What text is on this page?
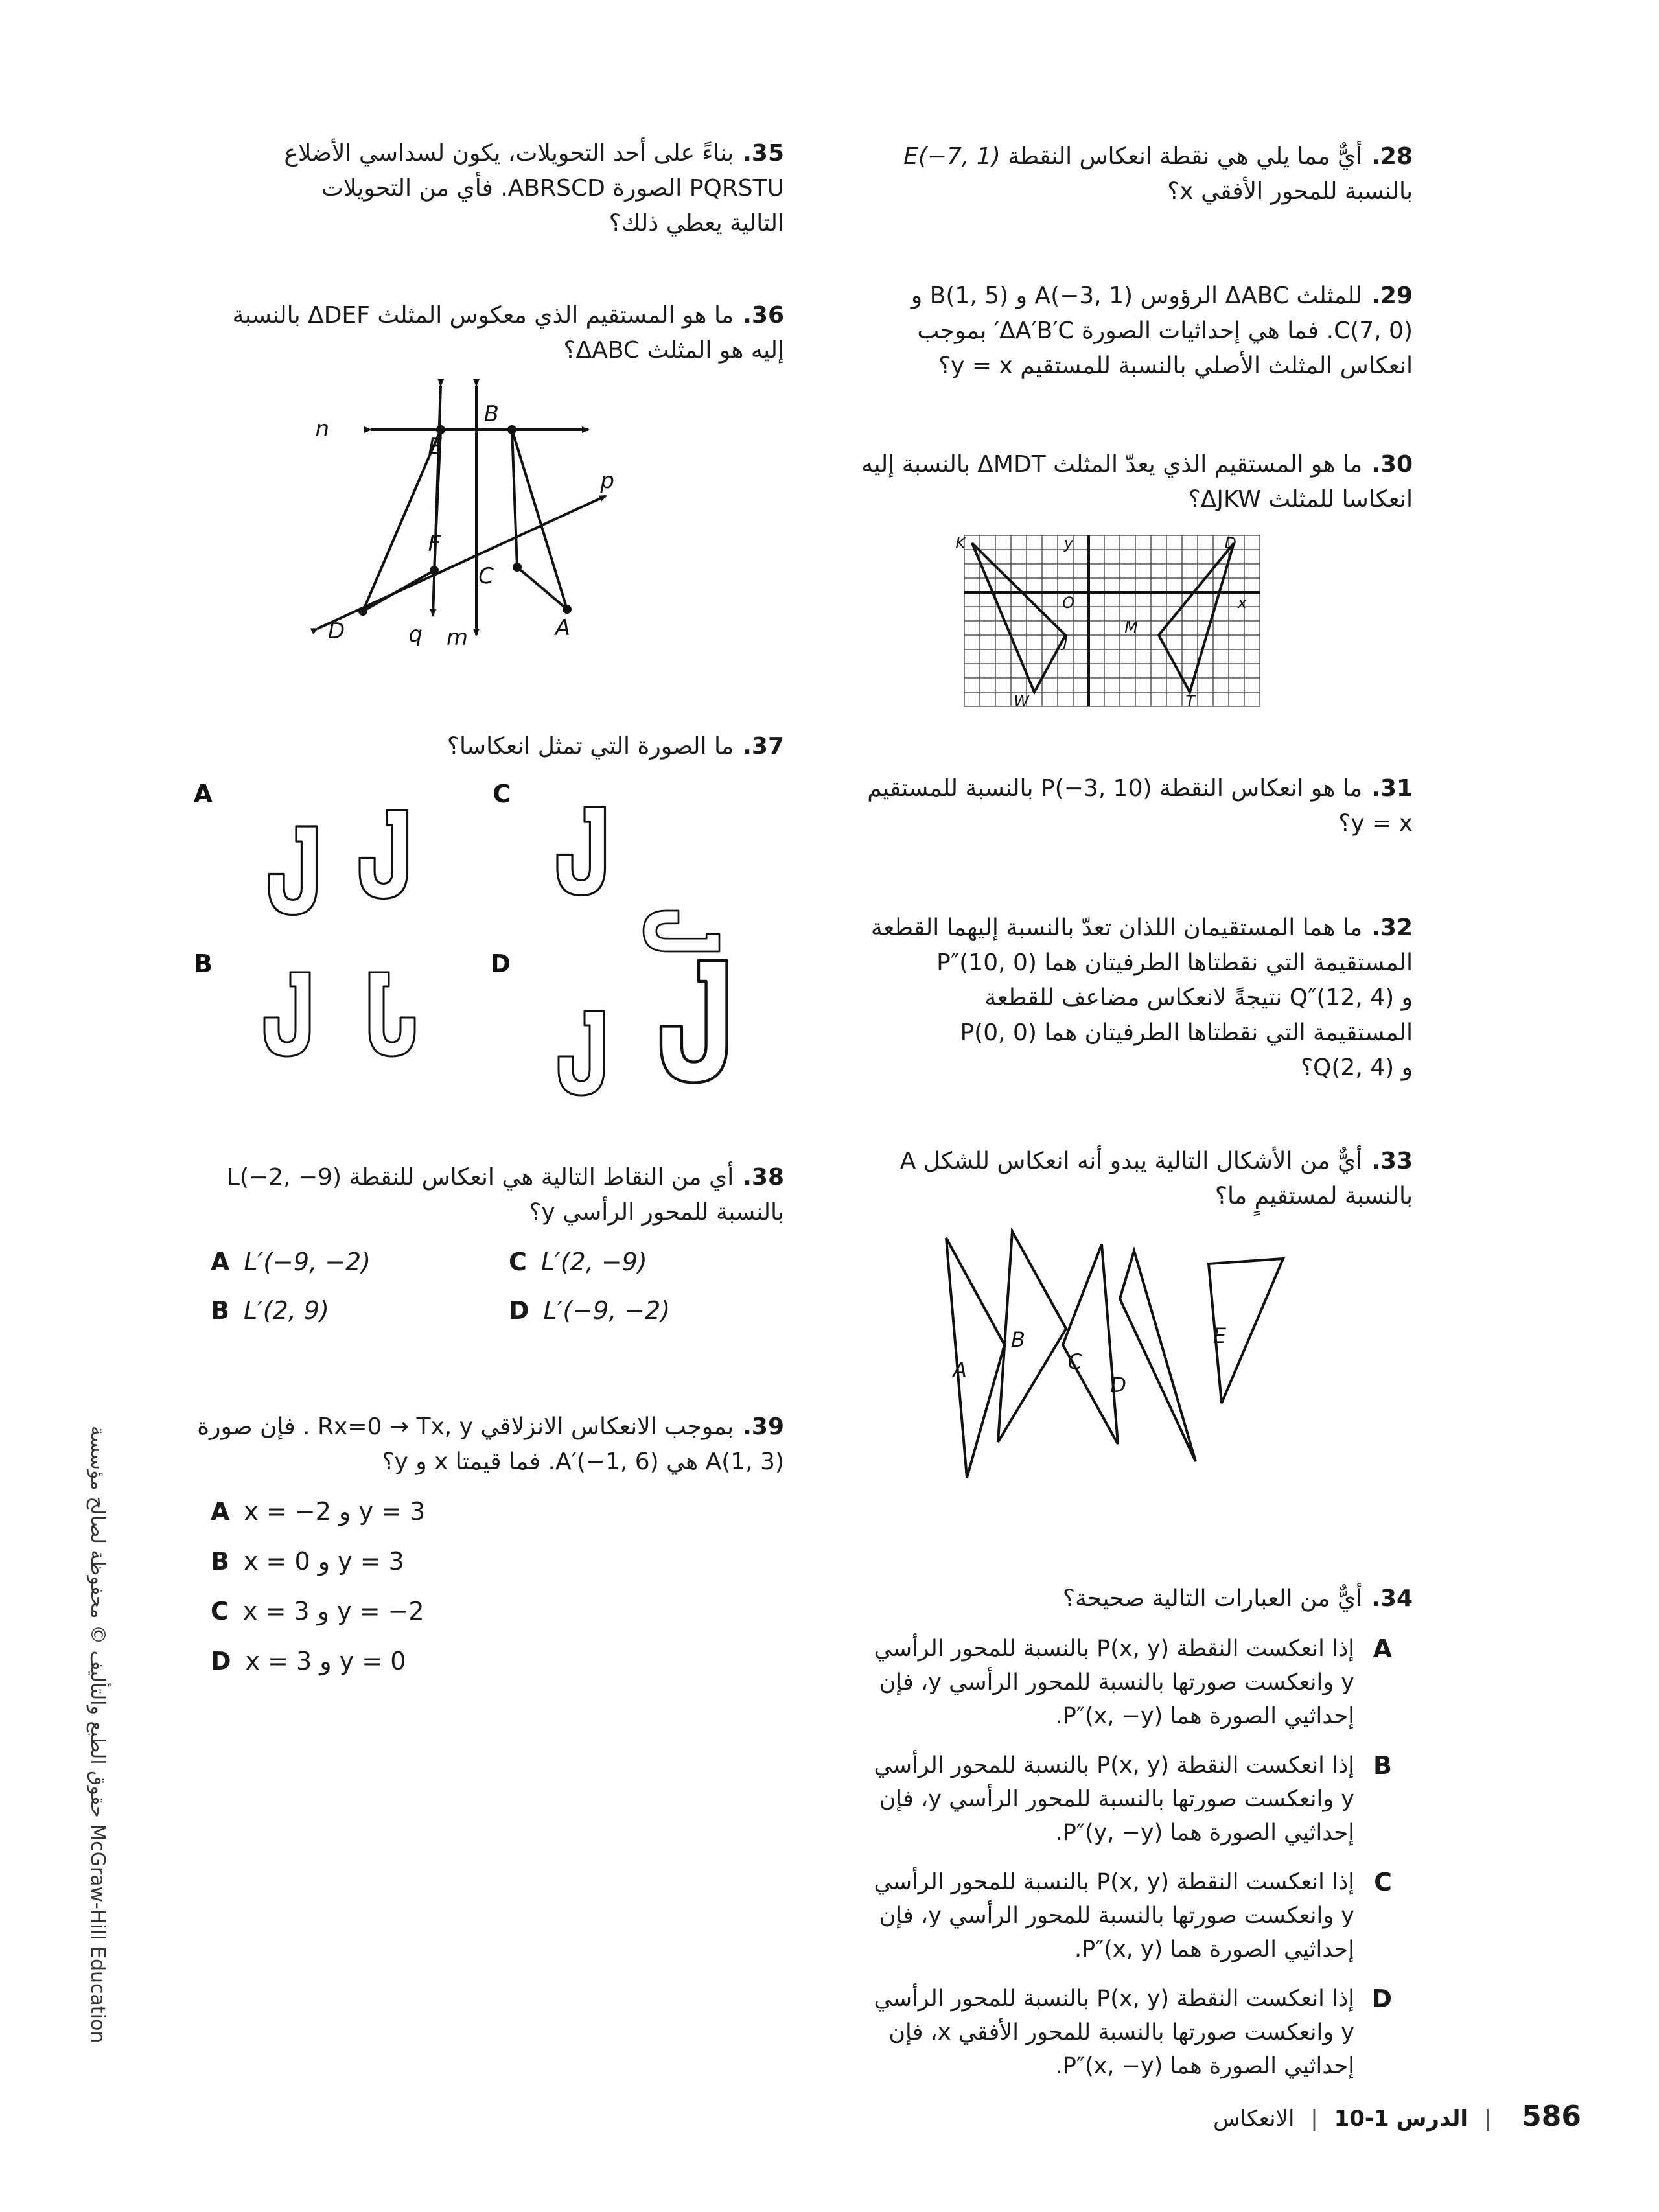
28.أيٌّ مما يلي هي نقطة انعكاس النقطة E(−7, 1)

بالنسبة للمحور الأفقي x؟

29.للمثلث ΔABC الرؤوس A(−3, 1) و B(1, 5) و

C(7, 0). فما هي إحداثيات الصورة ΔA′B′C′ بموجب

انعكاس المثلث الأصلي بالنسبة للمستقيم y = x؟

30.ما هو المستقيم الذي يعدّ المثلث ΔMDT بالنسبة إليه

انعكاسا للمثلث ΔJKW؟

K	y	D
O	x
J
M
W	T

31.ما هو انعكاس النقطة P(−3, 10) بالنسبة للمستقيم

y = x؟

32.ما هما المستقيمان اللذان تعدّ بالنسبة إليهما القطعة

المستقيمة التي نقطتاها الطرفيتان هما P″(10, 0)

و Q″(12, 4) نتيجةً لانعكاس مضاعف للقطعة

المستقيمة التي نقطتاها الطرفيتان هما P(0, 0)

و Q(2, 4)؟

33.أيٌّ من الأشكال التالية يبدو أنه انعكاس للشكل A

بالنسبة لمستقيمٍ ما؟

A
B
C
D
E

34.أيٌّ من العبارات التالية صحيحة؟

A

إذا انعكست النقطة P(x, y) بالنسبة للمحور الرأسي

y وانعكست صورتها بالنسبة للمحور الرأسي y، فإن

إحداثيي الصورة هما P″(x, −y).

B

إذا انعكست النقطة P(x, y) بالنسبة للمحور الرأسي

y وانعكست صورتها بالنسبة للمحور الرأسي y، فإن

إحداثيي الصورة هما P″(y, −y).

C

إذا انعكست النقطة P(x, y) بالنسبة للمحور الرأسي

y وانعكست صورتها بالنسبة للمحور الرأسي y، فإن

إحداثيي الصورة هما P″(x, y).

D

إذا انعكست النقطة P(x, y) بالنسبة للمحور الرأسي

y وانعكست صورتها بالنسبة للمحور الأفقي x، فإن

إحداثيي الصورة هما P″(x, −y).

35.بناءً على أحد التحويلات، يكون لسداسي الأضلاع

PQRSTU الصورة ABRSCD. فأي من التحويلات

التالية يعطي ذلك؟

36.ما هو المستقيم الذي معكوس المثلث ΔDEF بالنسبة

إليه هو المثلث ΔABC؟

n
E
B
p
F
C
D	q m	A

37.ما الصورة التي تمثل انعكاسا؟

A	C
B	D

38.أي من النقاط التالية هي انعكاس للنقطة L(−2, −9)

بالنسبة للمحور الرأسي y؟

A L′(−9, −2)	C L′(2, −9)
B L′(2, 9)	D L′(−9, −2)

39.بموجب الانعكاس الانزلاقي Rx=0 → Tx, y . فإن صورة

A(1, 3) هي A′(−1, 6). فما قيمتا x و y؟

A x = −2 و y = 3
B x = 0 و y = 3
C x = 3 و y = −2
D x = 3 و y = 0
McGraw-Hill Education حقوق الطبع والتأليف © محفوظة لصالح مؤسسة
586 | الدرس 10-1 | الانعكاس
